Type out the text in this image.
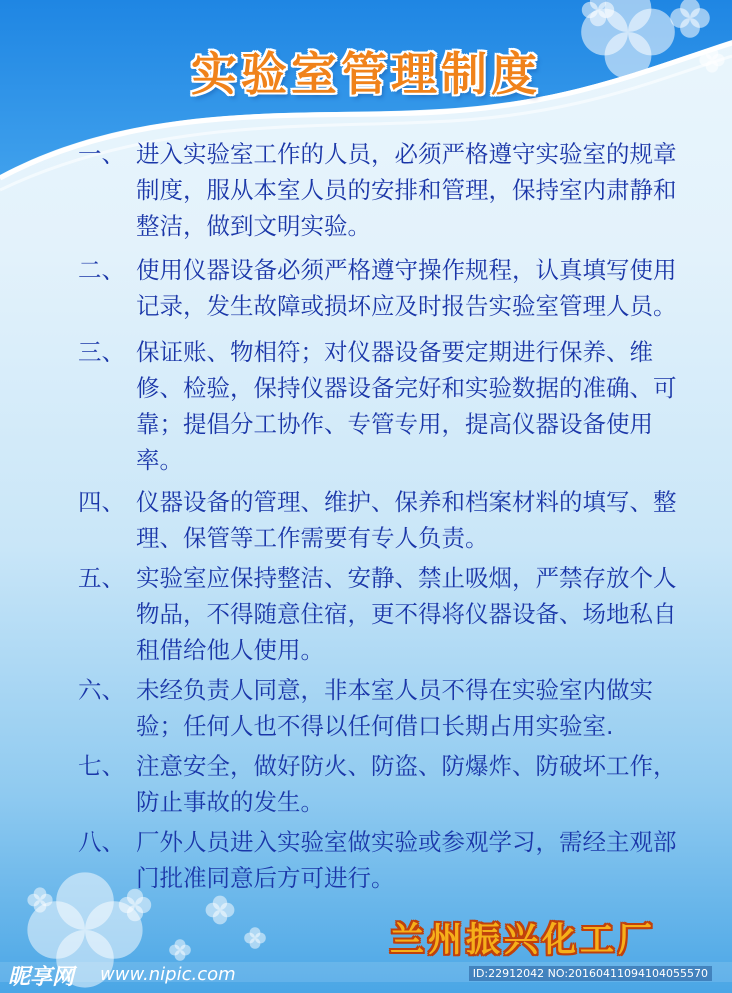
实验室管理制度
一、 进入实验室工作的人员，必须严格遵守实验室的规章制度，服从本室人员的安排和管理，保持室内肃静和整洁，做到文明实验。
二、 使用仪器设备必须严格遵守操作规程，认真填写使用记录，发生故障或损坏应及时报告实验室管理人员。
三、 保证账、物相符；对仪器设备要定期进行保养、维修、检验，保持仪器设备完好和实验数据的准确、可靠；提倡分工协作、专管专用，提高仪器设备使用率。
四、 仪器设备的管理、维护、保养和档案材料的填写、整理、保管等工作需要有专人负责。
五、 实验室应保持整洁、安静、禁止吸烟，严禁存放个人物品，不得随意住宿，更不得将仪器设备、场地私自租借给他人使用。
六、 未经负责人同意，非本室人员不得在实验室内做实验；任何人也不得以任何借口长期占用实验室.
七、 注意安全，做好防火、防盗、防爆炸、防破坏工作，防止事故的发生。
八、 厂外人员进入实验室做实验或参观学习，需经主观部门批准同意后方可进行。
兰州振兴化工厂
昵享网 www.nipic.com	ID:22912042 NO:20160411094104055570
